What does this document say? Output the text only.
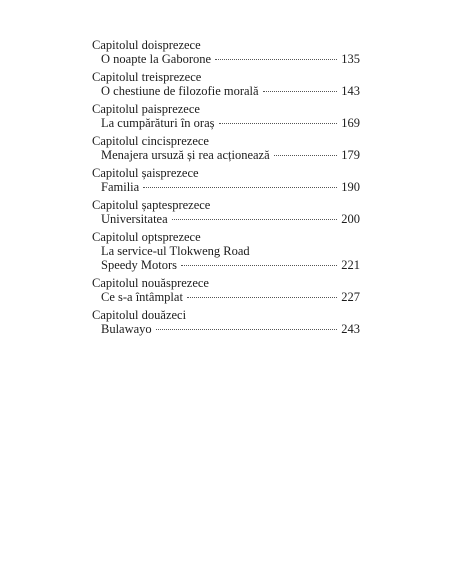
Capitolul doisprezece
O noapte la Gaborone	135
Capitolul treisprezece
O chestiune de filozofie morală	143
Capitolul paisprezece
La cumpărături în oraș	169
Capitolul cincisprezece
Menajera ursuză și rea acționează	179
Capitolul șaisprezece
Familia	190
Capitolul șaptesprezece
Universitatea	200
Capitolul optsprezece
La service-ul Tlokweng Road
Speedy Motors	221
Capitolul nouăsprezece
Ce s-a întâmplat	227
Capitolul douăzeci
Bulawayo	243
